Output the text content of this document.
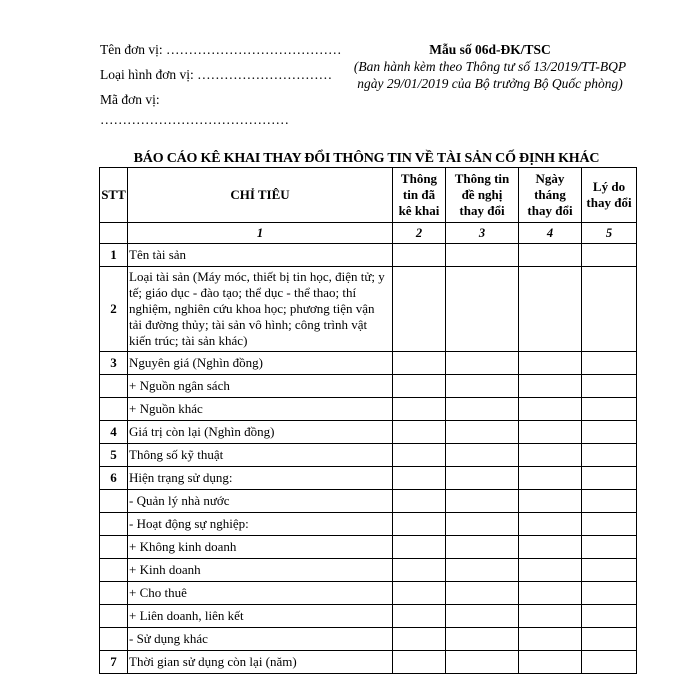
Tên đơn vị: …………………………………
Loại hình đơn vị: …………………………
Mã đơn vị:
……………………………………
Mẫu số 06d-ĐK/TSC
(Ban hành kèm theo Thông tư số 13/2019/TT-BQP
ngày 29/01/2019 của Bộ trưởng Bộ Quốc phòng)
BÁO CÁO KÊ KHAI THAY ĐỔI THÔNG TIN VỀ TÀI SẢN CỐ ĐỊNH KHÁC
STT	CHỈ TIÊU	Thông tin đã kê khai	Thông tin đề nghị thay đổi	Ngày tháng thay đổi	Lý do thay đổi
	1	2	3	4	5
1	Tên tài sản				
2	Loại tài sản (Máy móc, thiết bị tin học, điện tử; y tế; giáo dục - đào tạo; thể dục - thể thao; thí nghiệm, nghiên cứu khoa học; phương tiện vận tải đường thủy; tài sản vô hình; công trình vật kiến trúc; tài sản khác)				
3	Nguyên giá (Nghìn đồng)				
	+ Nguồn ngân sách				
	+ Nguồn khác				
4	Giá trị còn lại (Nghìn đồng)				
5	Thông số kỹ thuật				
6	Hiện trạng sử dụng:				
	- Quản lý nhà nước				
	- Hoạt động sự nghiệp:				
	+ Không kinh doanh				
	+ Kinh doanh				
	+ Cho thuê				
	+ Liên doanh, liên kết				
	- Sử dụng khác				
7	Thời gian sử dụng còn lại (năm)				
